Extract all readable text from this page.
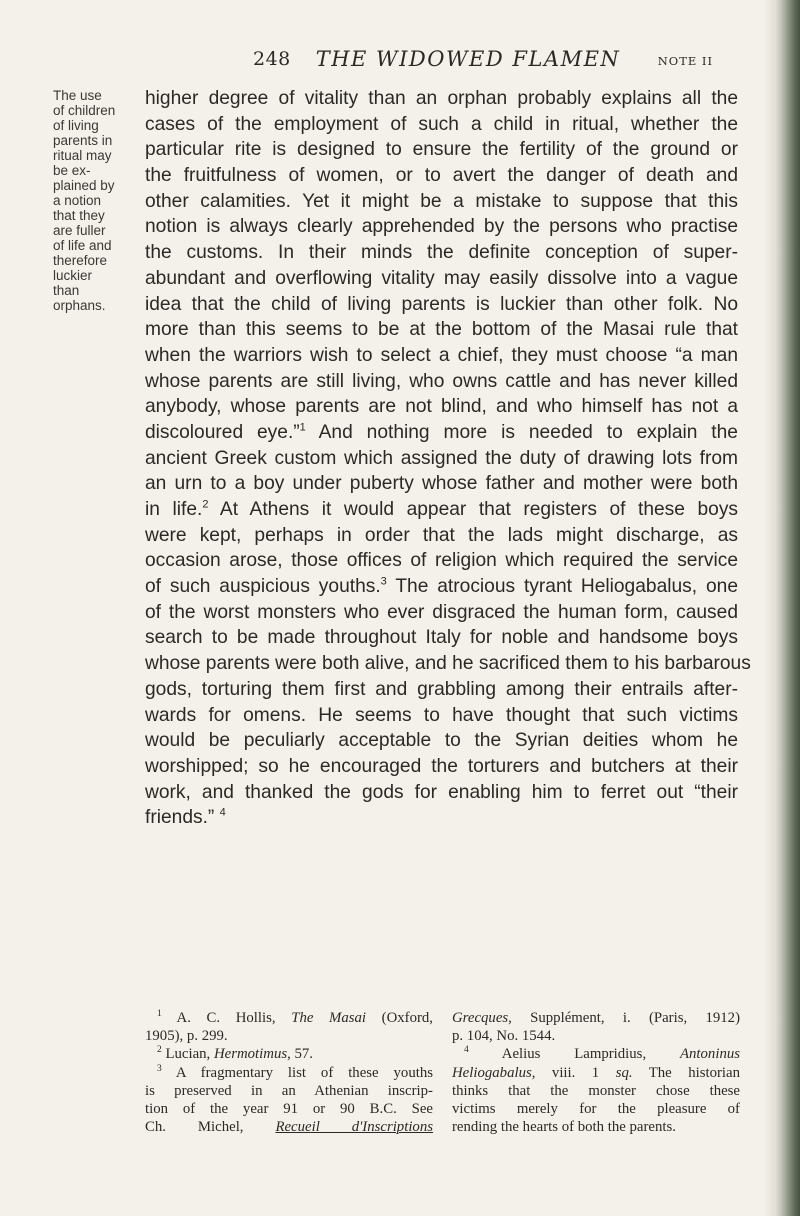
248	THE WIDOWED FLAMEN	NOTE II
The use
of children
of living
parents in
ritual may
be ex-
plained by
a notion
that they
are fuller
of life and
therefore
luckier
than
orphans.
higher degree of vitality than an orphan probably explains all the
cases of the employment of such a child in ritual, whether the
particular rite is designed to ensure the fertility of the ground or
the fruitfulness of women, or to avert the danger of death and
other calamities. Yet it might be a mistake to suppose that this
notion is always clearly apprehended by the persons who practise
the customs. In their minds the definite conception of super-
abundant and overflowing vitality may easily dissolve into a vague
idea that the child of living parents is luckier than other folk. No
more than this seems to be at the bottom of the Masai rule that
when the warriors wish to select a chief, they must choose “a man
whose parents are still living, who owns cattle and has never killed
anybody, whose parents are not blind, and who himself has not a
discoloured eye.”$^1$ And nothing more is needed to explain the
ancient Greek custom which assigned the duty of drawing lots from
an urn to a boy under puberty whose father and mother were both
in life.$^2$ At Athens it would appear that registers of these boys
were kept, perhaps in order that the lads might discharge, as
occasion arose, those offices of religion which required the service
of such auspicious youths.$^3$ The atrocious tyrant Heliogabalus, one
of the worst monsters who ever disgraced the human form, caused
search to be made throughout Italy for noble and handsome boys
whose parents were both alive, and he sacrificed them to his barbarous
gods, torturing them first and grabbling among their entrails after-
wards for omens. He seems to have thought that such victims
would be peculiarly acceptable to the Syrian deities whom he
worshipped; so he encouraged the torturers and butchers at their
work, and thanked the gods for enabling him to ferret out “their
friends.” $^4$
$^1$ A. C. Hollis, The Masai (Oxford,
1905), p. 299.
$^2$ Lucian, Hermotimus, 57.
$^3$ A fragmentary list of these youths
is preserved in an Athenian inscrip-
tion of the year 91 or 90 B.C. See
Ch. Michel, Recueil d'Inscriptions
Grecques, Supplément, i. (Paris, 1912)
p. 104, No. 1544.
$^4$ Aelius Lampridius, Antoninus
Heliogabalus, viii. 1 sq. The historian
thinks that the monster chose these
victims merely for the pleasure of
rending the hearts of both the parents.
